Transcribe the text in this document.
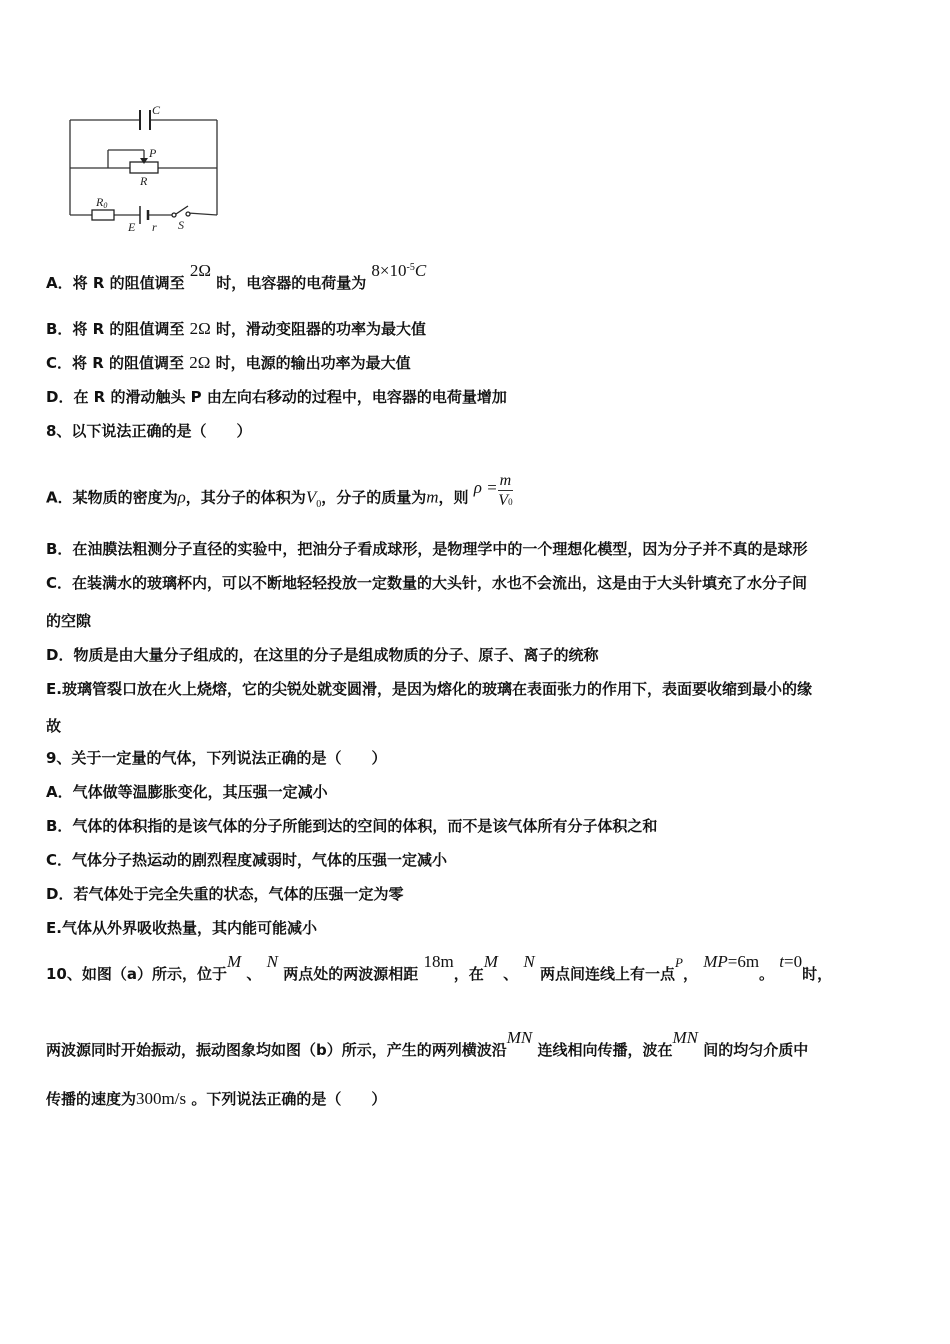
C
P
R
R0
E r S
A．将 R 的阻值调至 2Ω 时，电容器的电荷量为 $8\times 10^{-5}C$
B．将 R 的阻值调至 2Ω 时，滑动变阻器的功率为最大值
C．将 R 的阻值调至 2Ω 时，电源的输出功率为最大值
D．在 R 的滑动触头 P 由左向右移动的过程中，电容器的电荷量增加
8、以下说法正确的是（　　）
A．某物质的密度为ρ，其分子的体积为$V_0$，分子的质量为m，则 $\rho = \frac{m}{V0}$
B．在油膜法粗测分子直径的实验中，把油分子看成球形，是物理学中的一个理想化模型，因为分子并不真的是球形
C．在装满水的玻璃杯内，可以不断地轻轻投放一定数量的大头针，水也不会流出，这是由于大头针填充了水分子间
的空隙
D．物质是由大量分子组成的，在这里的分子是组成物质的分子、原子、离子的统称
E.玻璃管裂口放在火上烧熔，它的尖锐处就变圆滑，是因为熔化的玻璃在表面张力的作用下，表面要收缩到最小的缘
故
9、关于一定量的气体，下列说法正确的是（　　）
A．气体做等温膨胀变化，其压强一定减小
B．气体的体积指的是该气体的分子所能到达的空间的体积，而不是该气体所有分子体积之和
C．气体分子热运动的剧烈程度减弱时，气体的压强一定减小
D．若气体处于完全失重的状态，气体的压强一定为零
E.气体从外界吸收热量，其内能可能减小
10、如图（a）所示，位于M 、 N 两点处的两波源相距 18m，在M 、 N 两点间连线上有一点P， MP=6m。 t=0时，
两波源同时开始振动，振动图象均如图（b）所示，产生的两列横波沿MN 连线相向传播，波在MN 间的均匀介质中
传播的速度为300m/s 。下列说法正确的是（　　）
